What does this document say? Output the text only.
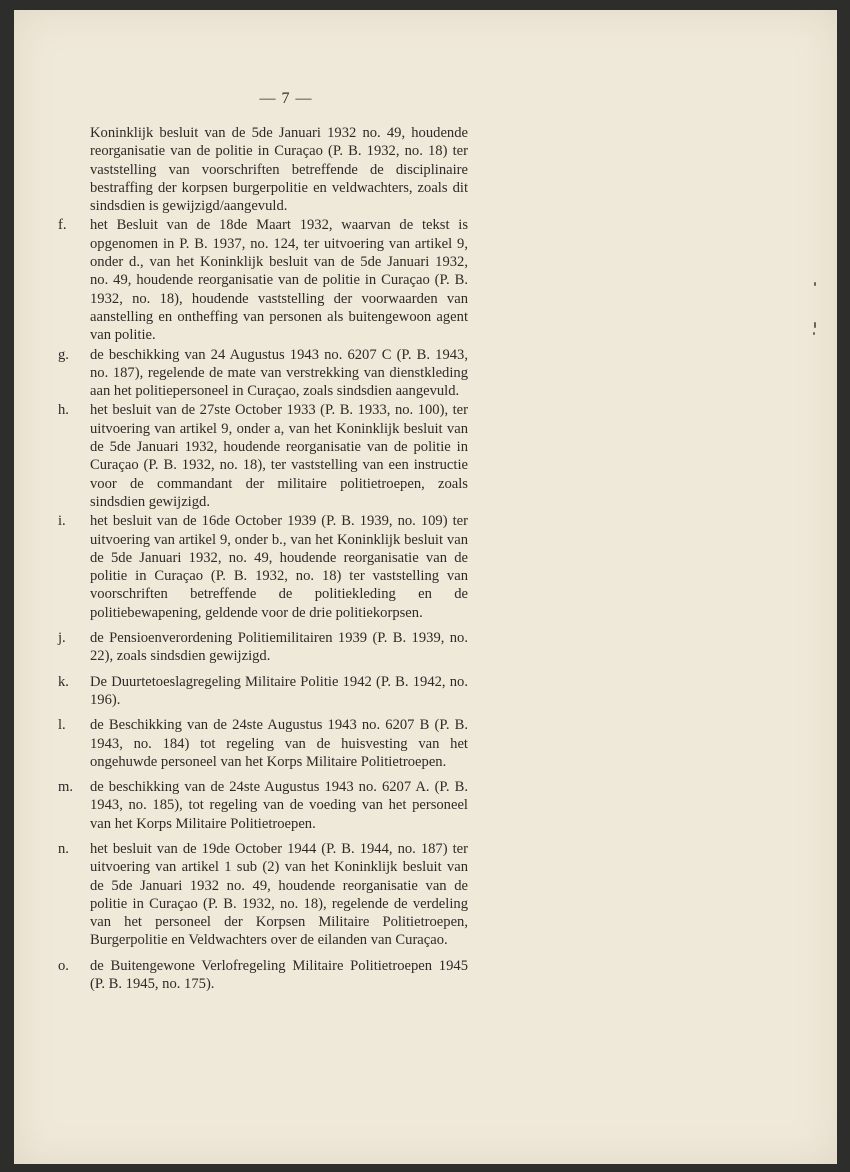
— 7 —
Koninklijk besluit van de 5de Januari 1932 no. 49, houdende reorganisatie van de politie in Curaçao (P. B. 1932, no. 18) ter vaststelling van voorschriften betreffende de disciplinaire bestraffing der korpsen burgerpolitie en veldwachters, zoals dit sindsdien is gewijzigd/aangevuld.
f. het Besluit van de 18de Maart 1932, waarvan de tekst is opgenomen in P. B. 1937, no. 124, ter uitvoering van artikel 9, onder d., van het Koninklijk besluit van de 5de Januari 1932, no. 49, houdende reorganisatie van de politie in Curaçao (P. B. 1932, no. 18), houdende vaststelling der voorwaarden van aanstelling en ontheffing van personen als buitengewoon agent van politie.
g. de beschikking van 24 Augustus 1943 no. 6207 C (P. B. 1943, no. 187), regelende de mate van verstrekking van dienstkleding aan het politiepersoneel in Curaçao, zoals sindsdien aangevuld.
h. het besluit van de 27ste October 1933 (P. B. 1933, no. 100), ter uitvoering van artikel 9, onder a, van het Koninklijk besluit van de 5de Januari 1932, houdende reorganisatie van de politie in Curaçao (P. B. 1932, no. 18), ter vaststelling van een instructie voor de commandant der militaire politietroepen, zoals sindsdien gewijzigd.
i. het besluit van de 16de October 1939 (P. B. 1939, no. 109) ter uitvoering van artikel 9, onder b., van het Koninklijk besluit van de 5de Januari 1932, no. 49, houdende reorganisatie van de politie in Curaçao (P. B. 1932, no. 18) ter vaststelling van voorschriften betreffende de politiekleding en de politiebewapening, geldende voor de drie politiekorpsen.
j. de Pensioenverordening Politiemilitairen 1939 (P. B. 1939, no. 22), zoals sindsdien gewijzigd.
k. De Duurtetoeslagregeling Militaire Politie 1942 (P. B. 1942, no. 196).
l. de Beschikking van de 24ste Augustus 1943 no. 6207 B (P. B. 1943, no. 184) tot regeling van de huisvesting van het ongehuwde personeel van het Korps Militaire Politietroepen.
m. de beschikking van de 24ste Augustus 1943 no. 6207 A. (P. B. 1943, no. 185), tot regeling van de voeding van het personeel van het Korps Militaire Politietroepen.
n. het besluit van de 19de October 1944 (P. B. 1944, no. 187) ter uitvoering van artikel 1 sub (2) van het Koninklijk besluit van de 5de Januari 1932 no. 49, houdende reorganisatie van de politie in Curaçao (P. B. 1932, no. 18), regelende de verdeling van het personeel der Korpsen Militaire Politietroepen, Burgerpolitie en Veldwachters over de eilanden van Curaçao.
o. de Buitengewone Verlofregeling Militaire Politietroepen 1945 (P. B. 1945, no. 175).
